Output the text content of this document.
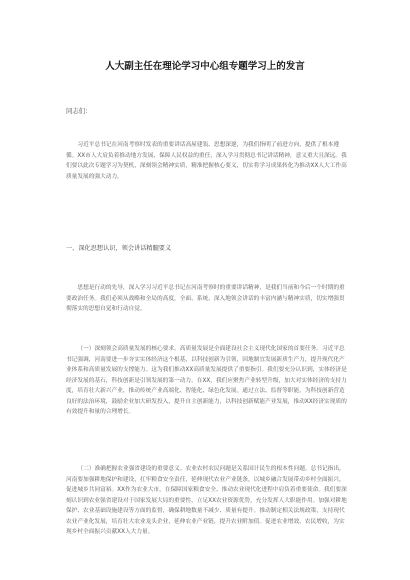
人大副主任在理论学习中心组专题学习上的发言
同志们：

习近平总书记在河南考察时发表的重要讲话高屋建瓴、思想深邃，为我们指明了前进方向、提供了根本遵循。XX市人大肩负着推动地方发展、保障人民权益的重任，深入学习贯彻总书记讲话精神，意义重大且深远。我们要以此次专题学习为契机，深刻领会精神实质，精准把握核心要义，切实将学习成果转化为推动XX人大工作高质量发展的强大动力。

一、深化思想认识，领会讲话精髓要义

思想是行动的先导，深入学习习近平总书记在河南考察时的重要讲话精神，是我们当前和今后一个时期的重要政治任务。我们必须从战略和全局的高度，全面、系统、深入地领会讲话的丰富内涵与精神实质，切实增强贯彻落实的思想自觉和行动自觉。

（一）深刻领会高质量发展的核心要求。高质量发展是全面建设社会主义现代化国家的首要任务。习近平总书记强调，河南要进一步夯实实体经济这个根基，以科技创新为引领，因地制宜发展新质生产力，提升现代化产业体系和高质量发展的支撑能力。这为我们推动XX高质量发展提供了重要指引。我们要充分认识到，实体经济是经济发展的基石，科技创新是引领发展的第一动力。在XX，我们应聚焦产业转型升级，加大对实体经济的支持力度，培育壮大新兴产业，推动传统产业高端化、智能化、绿色化发展。通过立法、监督等职能，为科技创新营造良好的法治环境，鼓励企业加大研发投入，提升自主创新能力，以科技创新赋能产业发展，推动XX经济实现质的有效提升和量的合理增长。

（二）准确把握农业强省建设的重要意义。农业农村农民问题是关系国计民生的根本性问题。总书记指出，河南要加强耕地保护和建设，扛牢粮食安全责任，延伸现代农业产业链条，以城乡融合发展带动乡村全面振兴，促进城乡共同富裕。XX作为农业大市，在保障国家粮食安全、推动农业现代化进程中肩负着重要使命。我们要深刻认识到农业强省建设对于国家发展大局的重要性，立足XX农业资源优势，充分发挥人大职能作用。加强对耕地保护、农业基础设施建设等方面的监督，确保耕地数量不减少、质量有提升。推动制定相关法规政策，支持现代农业产业化发展，培育壮大农业龙头企业，延伸农业产业链，提升农业附加值。促进农业增效、农民增收，为实现乡村全面振兴贡献XX人大力量。
